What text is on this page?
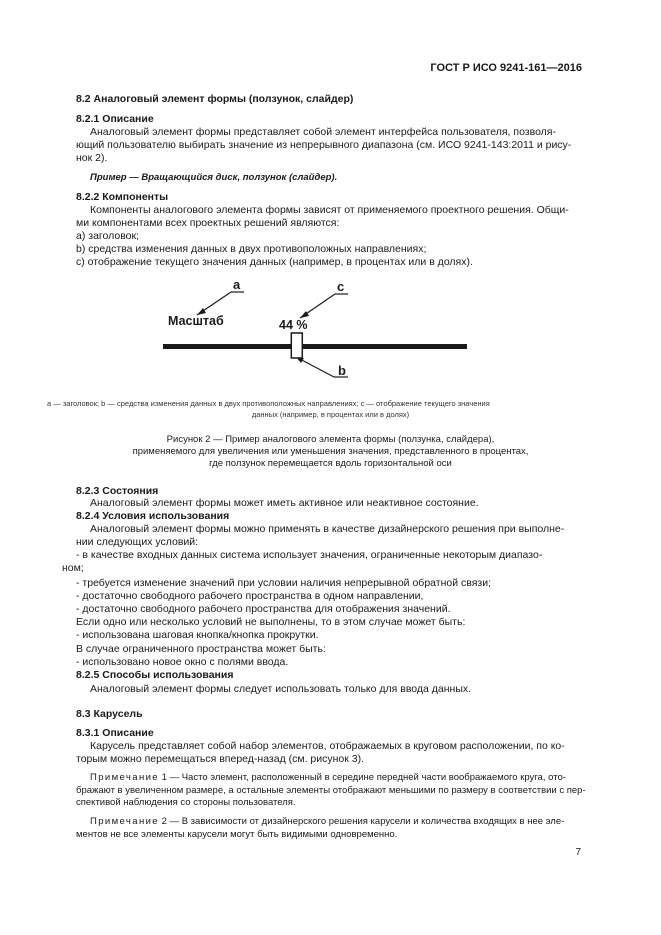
ГОСТ Р ИСО 9241-161—2016
8.2 Аналоговый элемент формы (ползунок, слайдер)
8.2.1 Описание
Аналоговый элемент формы представляет собой элемент интерфейса пользователя, позволя-
ющий пользователю выбирать значение из непрерывного диапазона (см. ИСО 9241-143:2011 и рису-
нок 2).
Пример — Вращающийся диск, ползунок (слайдер).
8.2.2 Компоненты
Компоненты аналогового элемента формы зависят от применяемого проектного решения. Общи-
ми компонентами всех проектных решений являются:
a) заголовок;
b) средства изменения данных в двух противоположных направлениях;
c) отображение текущего значения данных (например, в процентах или в долях).
a	c
b
Масштаб	44 %
a — заголовок; b — средства изменения данных в двух противоположных направлениях; c — отображение текущего значения
данных (например, в процентах или в долях)
Рисунок 2 — Пример аналогового элемента формы (ползунка, слайдера),
применяемого для увеличения или уменьшения значения, представленного в процентах,
где ползунок перемещается вдоль горизонтальной оси
8.2.3 Состояния
Аналоговый элемент формы может иметь активное или неактивное состояние.
8.2.4 Условия использования
Аналоговый элемент формы можно применять в качестве дизайнерского решения при выполне-
нии следующих условий:
- в качестве входных данных система использует значения, ограниченные некоторым диапазо-
ном;
- требуется изменение значений при условии наличия непрерывной обратной связи;
- достаточно свободного рабочего пространства в одном направлении,
- достаточно свободного рабочего пространства для отображения значений.
Если одно или несколько условий не выполнены, то в этом случае может быть:
- использована шаговая кнопка/кнопка прокрутки.
В случае ограниченного пространства может быть:
- использовано новое окно с полями ввода.
8.2.5 Способы использования
Аналоговый элемент формы следует использовать только для ввода данных.
8.3 Карусель
8.3.1 Описание
Карусель представляет собой набор элементов, отображаемых в круговом расположении, по ко-
торым можно перемещаться вперед-назад (см. рисунок 3).
Примечание 1 — Часто элемент, расположенный в середине передней части воображаемого круга, ото-
бражают в увеличенном размере, а остальные элементы отображают меньшими по размеру в соответствии с пер-
спективой наблюдения со стороны пользователя.
Примечание 2 — В зависимости от дизайнерского решения карусели и количества входящих в нее эле-
ментов не все элементы карусели могут быть видимыми одновременно.
7
